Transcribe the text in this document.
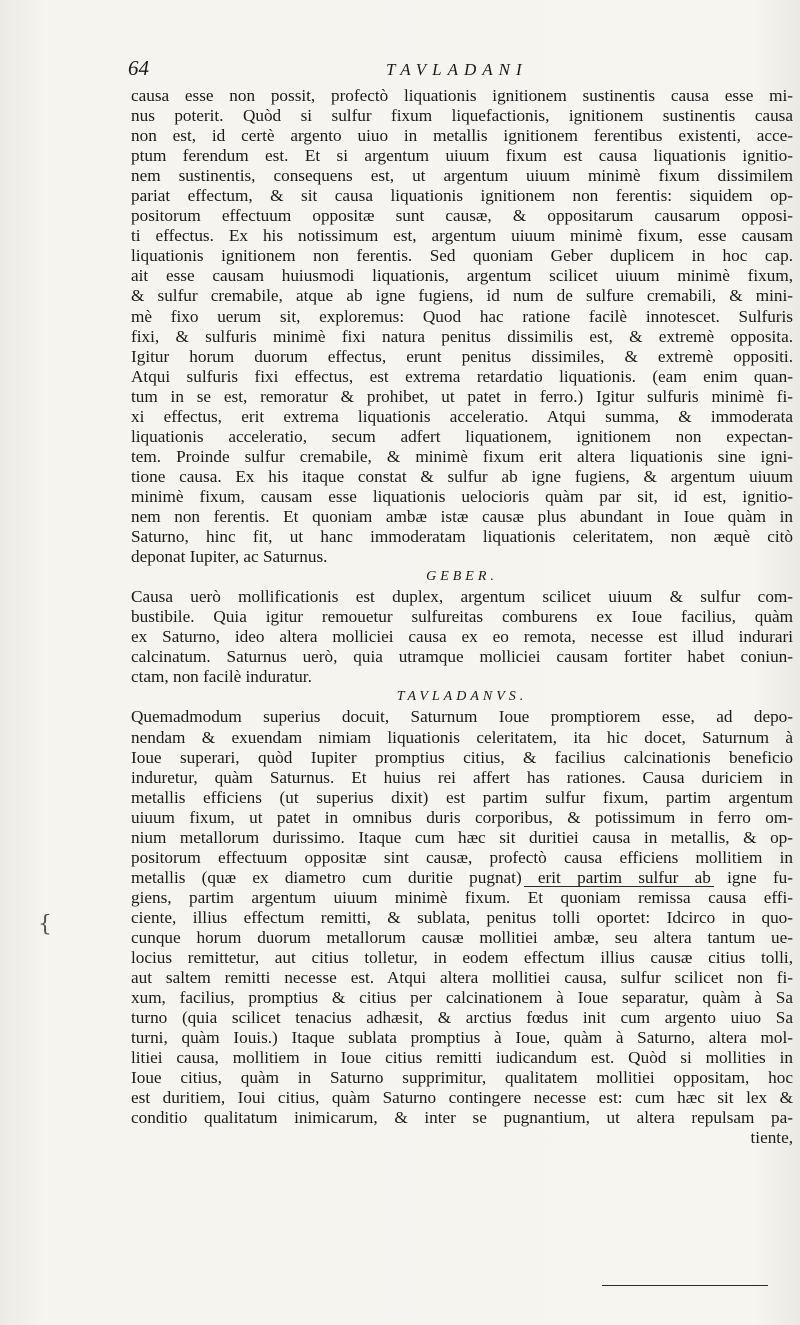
64	TAVLADANI
causa esse non possit, profectò liquationis ignitionem sustinentis causa esse mi-
nus poterit. Quòd si sulfur fixum liquefactionis, ignitionem sustinentis causa
non est, id certè argento uiuo in metallis ignitionem ferentibus existenti, acce-
ptum ferendum est. Et si argentum uiuum fixum est causa liquationis ignitio-
nem sustinentis, consequens est, ut argentum uiuum minimè fixum dissimilem
pariat effectum, & sit causa liquationis ignitionem non ferentis: siquidem op-
positorum effectuum oppositæ sunt causæ, & oppositarum causarum opposi-
ti effectus. Ex his notissimum est, argentum uiuum minimè fixum, esse causam
liquationis ignitionem non ferentis. Sed quoniam Geber duplicem in hoc cap.
ait esse causam huiusmodi liquationis, argentum scilicet uiuum minimè fixum,
& sulfur cremabile, atque ab igne fugiens, id num de sulfure cremabili, & mini-
mè fixo uerum sit, exploremus: Quod hac ratione facilè innotescet. Sulfuris
fixi, & sulfuris minimè fixi natura penitus dissimilis est, & extremè opposita.
Igitur horum duorum effectus, erunt penitus dissimiles, & extremè oppositi.
Atqui sulfuris fixi effectus, est extrema retardatio liquationis. (eam enim quan-
tum in se est, remoratur & prohibet, ut patet in ferro.) Igitur sulfuris minimè fi-
xi effectus, erit extrema liquationis acceleratio. Atqui summa, & immoderata
liquationis acceleratio, secum adfert liquationem, ignitionem non expectan-
tem. Proinde sulfur cremabile, & minimè fixum erit altera liquationis sine igni-
tione causa. Ex his itaque constat & sulfur ab igne fugiens, & argentum uiuum
minimè fixum, causam esse liquationis uelocioris quàm par sit, id est, ignitio-
nem non ferentis. Et quoniam ambæ istæ causæ plus abundant in Ioue quàm in
Saturno, hinc fit, ut hanc immoderatam liquationis celeritatem, non æquè citò
deponat Iupiter, ac Saturnus.
GEBER.
Causa uerò mollificationis est duplex, argentum scilicet uiuum & sulfur com-
bustibile. Quia igitur remouetur sulfureitas comburens ex Ioue facilius, quàm
ex Saturno, ideo altera molliciei causa ex eo remota, necesse est illud indurari
calcinatum. Saturnus uerò, quia utramque molliciei causam fortiter habet coniun-
ctam, non facilè induratur.
TAVLADANVS.
Quemadmodum superius docuit, Saturnum Ioue promptiorem esse, ad depo-
nendam & exuendam nimiam liquationis celeritatem, ita hic docet, Saturnum à
Ioue superari, quòd Iupiter promptius citius, & facilius calcinationis beneficio
induretur, quàm Saturnus. Et huius rei affert has rationes. Causa duriciem in
metallis efficiens (ut superius dixit) est partim sulfur fixum, partim argentum
uiuum fixum, ut patet in omnibus duris corporibus, & potissimum in ferro om-
nium metallorum durissimo. Itaque cum hæc sit duritiei causa in metallis, & op-
positorum effectuum oppositæ sint causæ, profectò causa efficiens mollitiem in
metallis (quæ ex diametro cum duritie pugnat) erit partim sulfur ab igne fu-
giens, partim argentum uiuum minimè fixum. Et quoniam remissa causa effi-
ciente, illius effectum remitti, & sublata, penitus tolli oportet: Idcirco in quo-
cunque horum duorum metallorum causæ mollitiei ambæ, seu altera tantum ue-
locius remittetur, aut citius tolletur, in eodem effectum illius causæ citius tolli,
aut saltem remitti necesse est. Atqui altera mollitiei causa, sulfur scilicet non fi-
xum, facilius, promptius & citius per calcinationem à Ioue separatur, quàm à Sa
turno (quia scilicet tenacius adhæsit, & arctius fœdus init cum argento uiuo Sa
turni, quàm Iouis.) Itaque sublata promptius à Ioue, quàm à Saturno, altera mol-
litiei causa, mollitiem in Ioue citius remitti iudicandum est. Quòd si mollities in
Ioue citius, quàm in Saturno supprimitur, qualitatem mollitiei oppositam, hoc
est duritiem, Ioui citius, quàm Saturno contingere necesse est: cum hæc sit lex &
conditio qualitatum inimicarum, & inter se pugnantium, ut altera repulsam pa-
tiente,
{
